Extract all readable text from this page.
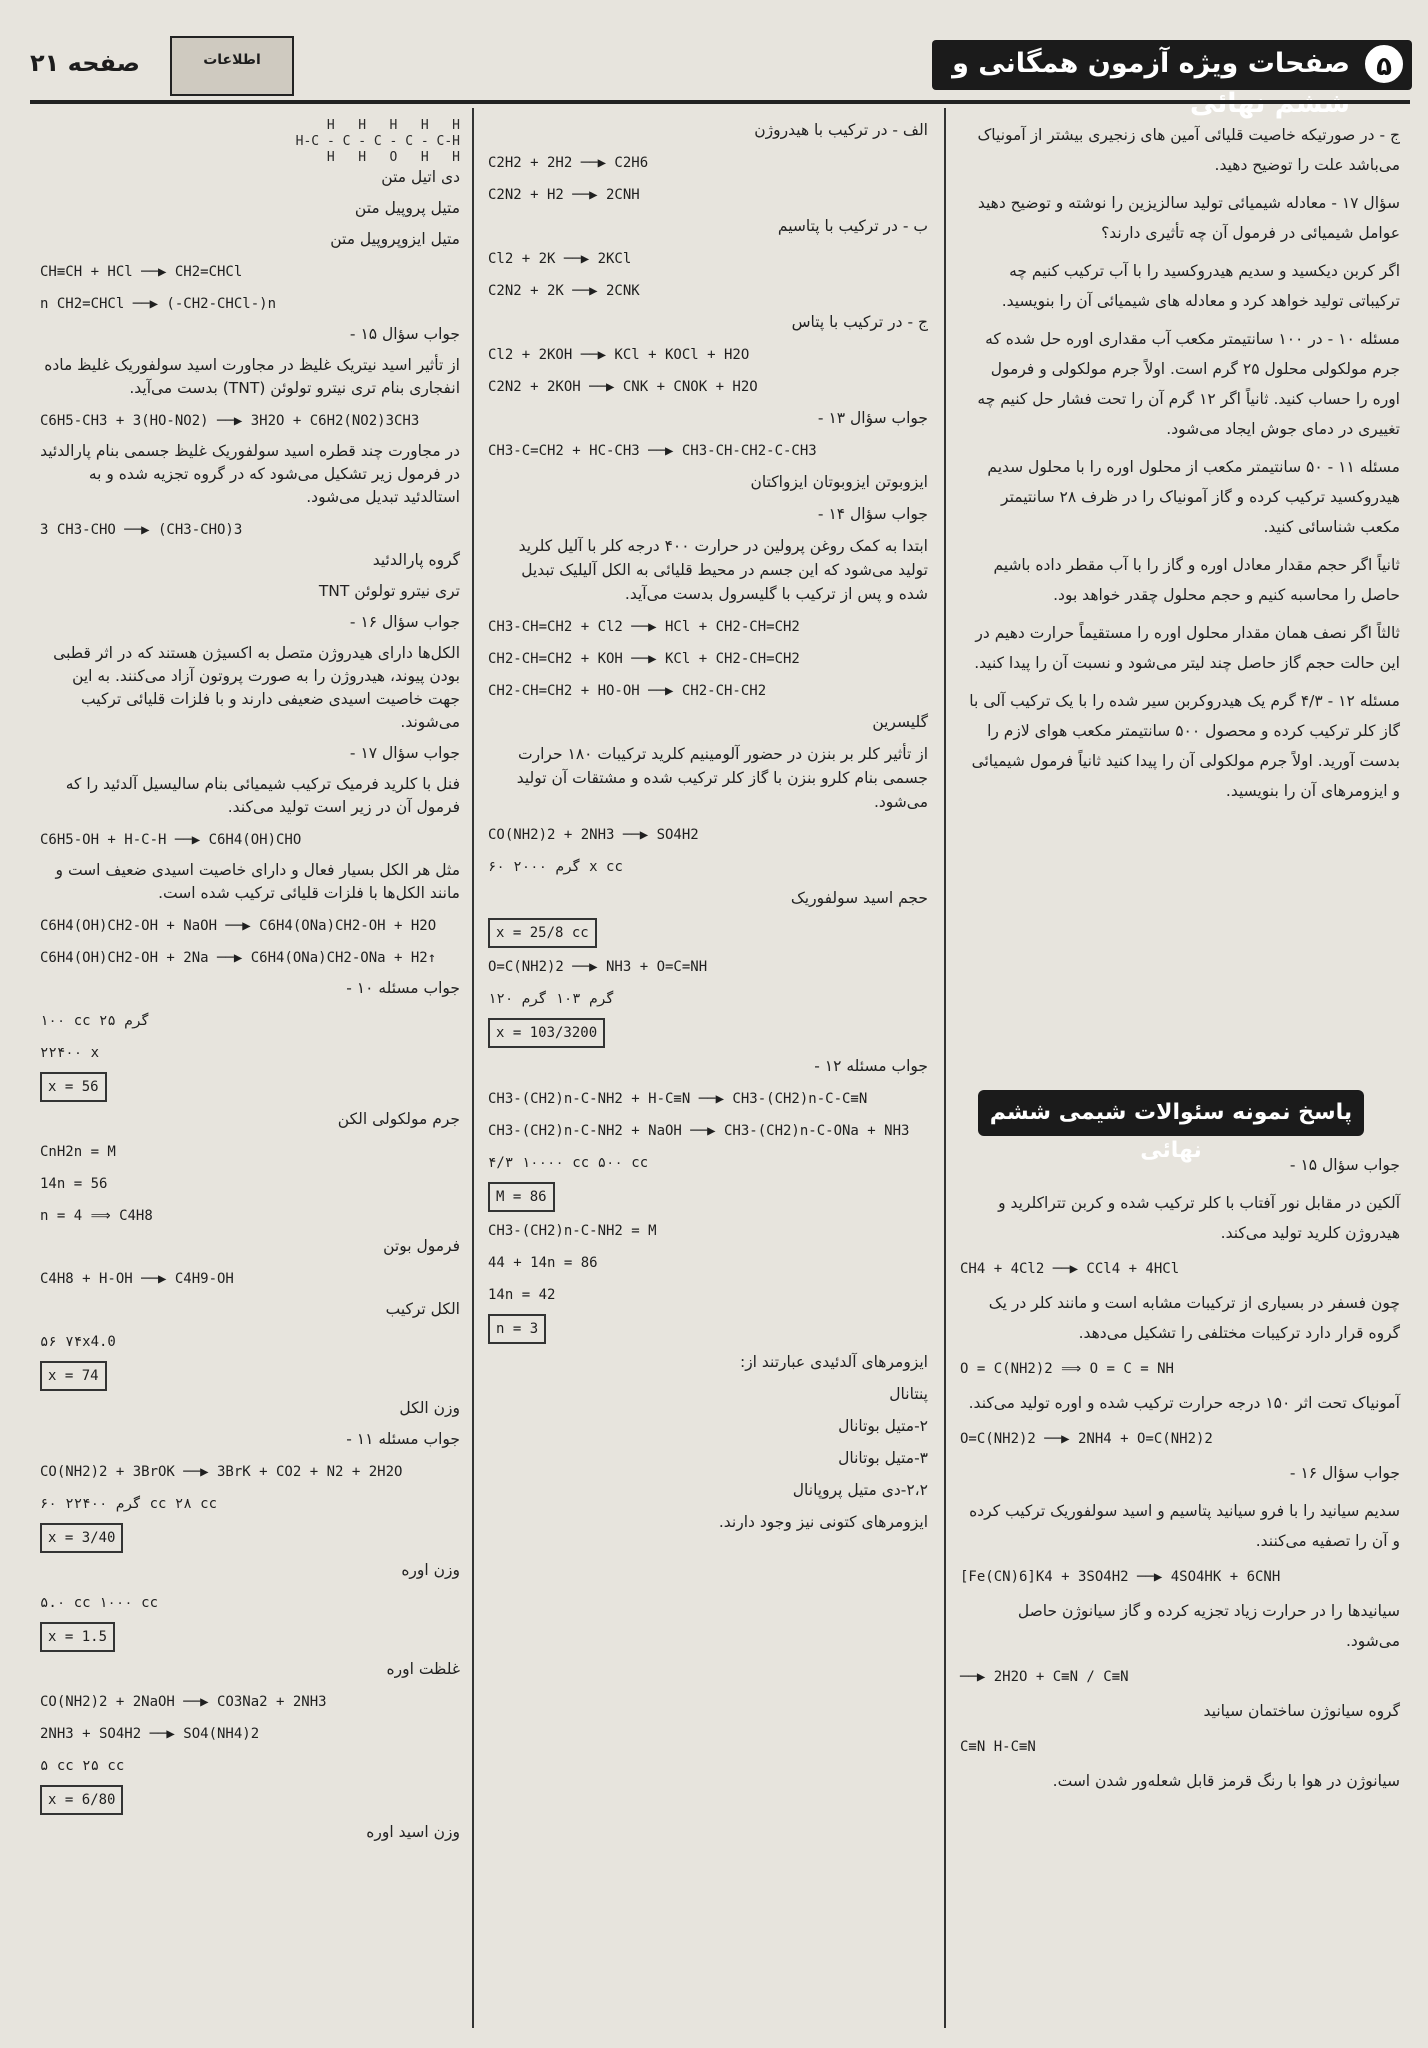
صفحات ویژه آزمون همگانی و	۵
صفحه ۲۱	اطلاعات

ج - در صورتیکه خاصیت قلیائی آمین های زنجیری بیشتر از آمونیاک می‌باشد علت را توضیح دهید.

سؤال ۱۷ - معادله شیمیائی تولید سالزیزین را نوشته و توضیح دهید عوامل شیمیائی در فرمول آن چه تأثیری دارند؟

اگر کربن دیکسید و سدیم هیدروکسید را با آب ترکیب کنیم چه ترکیباتی تولید خواهد کرد و معادله های شیمیائی آن را بنویسید.

مسئله ۱۰ - در ۱۰۰ سانتیمتر مکعب آب مقداری اوره حل شده که جرم مولکولی محلول ۲۵ گرم است. اولاً جرم مولکولی و فرمول اوره را حساب کنید. ثانیاً اگر ۱۲ گرم آن را تحت فشار حل کنیم چه تغییری در دمای جوش ایجاد می‌شود.

مسئله ۱۱ - ۵۰ سانتیمتر مکعب از محلول اوره را با محلول سدیم هیدروکسید ترکیب کرده و گاز آمونیاک را در ظرف ۲۸ سانتیمتر مکعب شناسائی کنید.

ثانیاً اگر حجم مقدار معادل اوره و گاز را با آب مقطر داده باشیم حاصل را محاسبه کنیم و حجم محلول چقدر خواهد بود.

ثالثاً اگر نصف همان مقدار محلول اوره را مستقیماً حرارت دهیم در این حالت حجم گاز حاصل چند لیتر می‌شود و نسبت آن را پیدا کنید.

مسئله ۱۲ - ۴/۳ گرم یک هیدروکربن سیر شده را با یک ترکیب آلی با گاز کلر ترکیب کرده و محصول ۵۰۰ سانتیمتر مکعب هوای لازم را بدست آورید. اولاً جرم مولکولی آن را پیدا کنید ثانیاً فرمول شیمیائی و ایزومرهای آن را بنویسید.

پاسخ نمونه سئوالات شیمی ششم نهائی

جواب سؤال ۱۵ -

آلکین در مقابل نور آفتاب با کلر ترکیب شده و کربن تتراکلرید و هیدروژن کلرید تولید می‌کند.

CH4 + 4Cl2 ──▶ CCl4 + 4HCl

چون فسفر در بسیاری از ترکیبات مشابه است و مانند کلر در یک گروه قرار دارد ترکیبات مختلفی را تشکیل می‌دهد.

O = C(NH2)2 ⟹ O = C = NH

آمونیاک تحت اثر ۱۵۰ درجه حرارت ترکیب شده و اوره تولید می‌کند.

O=C(NH2)2 ──▶ 2NH4 + O=C(NH2)2

جواب سؤال ۱۶ -

سدیم سیانید را با فرو سیانید پتاسیم و اسید سولفوریک ترکیب کرده و آن را تصفیه می‌کنند.

[Fe(CN)6]K4 + 3SO4H2 ──▶ 4SO4HK + 6CNH

سیانیدها را در حرارت زیاد تجزیه کرده و گاز سیانوژن حاصل می‌شود.

──▶ 2H2O + C≡N / C≡N

گروه سیانوژن ساختمان سیانید

C≡N H-C≡N

سیانوژن در هوا با رنگ قرمز قابل شعله‌ور شدن است.

الف - در ترکیب با هیدروژن

C2H2 + 2H2 ──▶ C2H6
C2N2 + H2 ──▶ 2CNH

ب - در ترکیب با پتاسیم

Cl2 + 2K ──▶ 2KCl
C2N2 + 2K ──▶ 2CNK

ج - در ترکیب با پتاس

Cl2 + 2KOH ──▶ KCl + KOCl + H2O
C2N2 + 2KOH ──▶ CNK + CNOK + H2O

جواب سؤال ۱۳ -

CH3-C=CH2 + HC-CH3 ──▶ CH3-CH-CH2-C-CH3

ایزوبوتن ایزوبوتان ایزواکتان

جواب سؤال ۱۴ -

ابتدا به کمک روغن پرولین در حرارت ۴۰۰ درجه کلر با آلیل کلرید تولید می‌شود که این جسم در محیط قلیائی به الکل آلیلیک تبدیل شده و پس از ترکیب با گلیسرول بدست می‌آید.

CH3-CH=CH2 + Cl2 ──▶ HCl + CH2-CH=CH2
CH2-CH=CH2 + KOH ──▶ KCl + CH2-CH=CH2
CH2-CH=CH2 + HO-OH ──▶ CH2-CH-CH2

گلیسرین

از تأثیر کلر بر بنزن در حضور آلومینیم کلرید ترکیبات ۱۸۰ حرارت جسمی بنام کلرو بنزن با گاز کلر ترکیب شده و مشتقات آن تولید می‌شود.

CO(NH2)2 + 2NH3 ──▶ SO4H2
۶۰ گرم ۲۰۰۰ x cc

حجم اسید سولفوریک

x = 25/8 cc
O=C(NH2)2 ──▶ NH3 + O=C=NH
۱۲۰ گرم ۱۰۳ گرم
x = 103/3200

جواب مسئله ۱۲ -

CH3-(CH2)n-C-NH2 + H-C≡N ──▶ CH3-(CH2)n-C-C≡N
CH3-(CH2)n-C-NH2 + NaOH ──▶ CH3-(CH2)n-C-ONa + NH3
۴/۳ ۱۰۰۰۰ cc ۵۰۰ cc
M = 86
CH3-(CH2)n-C-NH2 = M
44 + 14n = 86
14n = 42
n = 3

ایزومرهای آلدئیدی عبارتند از:

پنتانال

۲-متیل بوتانال

۳-متیل بوتانال

۲،۲-دی متیل پروپانال

ایزومرهای کتونی نیز وجود دارند.

H   H   H   H   H
H-C - C - C - C - C-H
H   H   O   H   H

دی اتیل متن

متیل پروپیل متن

متیل ایزوپروپیل متن

CH≡CH + HCl ──▶ CH2=CHCl
n CH2=CHCl ──▶ (-CH2-CHCl-)n

جواب سؤال ۱۵ -

از تأثیر اسید نیتریک غلیظ در مجاورت اسید سولفوریک غلیظ ماده انفجاری بنام تری نیترو تولوئن (TNT) بدست می‌آید.

C6H5-CH3 + 3(HO-NO2) ──▶ 3H2O + C6H2(NO2)3CH3

در مجاورت چند قطره اسید سولفوریک غلیظ جسمی بنام پارالدئید در فرمول زیر تشکیل می‌شود که در گروه تجزیه شده و به استالدئید تبدیل می‌شود.

3 CH3-CHO ──▶ (CH3-CHO)3

گروه پارالدئید

تری نیترو تولوئن TNT

جواب سؤال ۱۶ -

الکل‌ها دارای هیدروژن متصل به اکسیژن هستند که در اثر قطبی بودن پیوند، هیدروژن را به صورت پروتون آزاد می‌کنند. به این جهت خاصیت اسیدی ضعیفی دارند و با فلزات قلیائی ترکیب می‌شوند.

جواب سؤال ۱۷ -

فنل با کلرید فرمیک ترکیب شیمیائی بنام سالیسیل آلدئید را که فرمول آن در زیر است تولید می‌کند.

C6H5-OH + H-C-H ──▶ C6H4(OH)CHO

مثل هر الکل بسیار فعال و دارای خاصیت اسیدی ضعیف است و مانند الکل‌ها با فلزات قلیائی ترکیب شده است.

C6H4(OH)CH2-OH + NaOH ──▶ C6H4(ONa)CH2-OH + H2O
C6H4(OH)CH2-OH + 2Na ──▶ C6H4(ONa)CH2-ONa + H2↑

جواب مسئله ۱۰ -

۱۰۰ cc ۲۵ گرم
۲۲۴۰۰ x
x = 56

جرم مولکولی الکن

CnH2n = M
14n = 56
n = 4 ⟹ C4H8

فرمول بوتن

C4H8 + H-OH ──▶ C4H9-OH

الکل ترکیب

۵۶ ۷۴x4.0
x = 74

وزن الکل

جواب مسئله ۱۱ -

CO(NH2)2 + 3BrOK ──▶ 3BrK + CO2 + N2 + 2H2O
۶۰ گرم ۲۲۴۰۰ cc ۲۸ cc
x = 3/40

وزن اوره

۵.۰ cc ۱۰۰۰ cc
x = 1.5

غلظت اوره

CO(NH2)2 + 2NaOH ──▶ CO3Na2 + 2NH3
2NH3 + SO4H2 ──▶ SO4(NH4)2
۵ cc ۲۵ cc
x = 6/80

وزن اسید اوره
